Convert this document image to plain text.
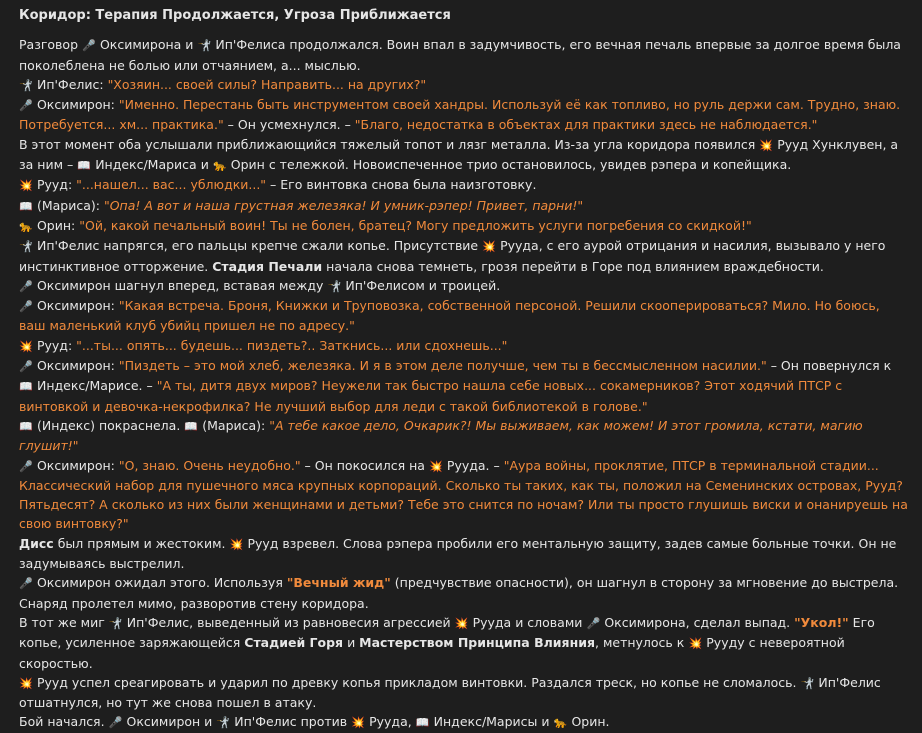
Коридор: Терапия Продолжается, Угроза Приближается

Разговор 🎤 Оксимирона и 🤺 Ип'Фелиса продолжался. Воин впал в задумчивость, его вечная печаль впервые за долгое время была поколеблена не болью или отчаянием, а... мыслью.

🤺 Ип'Фелис: "Хозяин... своей силы? Направить... на других?"

🎤 Оксимирон: "Именно. Перестань быть инструментом своей хандры. Используй её как топливо, но руль держи сам. Трудно, знаю. Потребуется... хм... практика." – Он усмехнулся. – "Благо, недостатка в объектах для практики здесь не наблюдается."

В этот момент оба услышали приближающийся тяжелый топот и лязг металла. Из-за угла коридора появился 💥 Рууд Хунклувен, а за ним – 📖 Индекс/Мариса и 🐆 Орин с тележкой. Новоиспеченное трио остановилось, увидев рэпера и копейщика.

💥 Рууд: "...нашел... вас... ублюдки..." – Его винтовка снова была наизготовку.

📖 (Мариса): "Опа! А вот и наша грустная железяка! И умник-рэпер! Привет, парни!"

🐆 Орин: "Ой, какой печальный воин! Ты не болен, братец? Могу предложить услуги погребения со скидкой!"

🤺 Ип'Фелис напрягся, его пальцы крепче сжали копье. Присутствие 💥 Рууда, с его аурой отрицания и насилия, вызывало у него инстинктивное отторжение. Стадия Печали начала снова темнеть, грозя перейти в Горе под влиянием враждебности.

🎤 Оксимирон шагнул вперед, вставая между 🤺 Ип'Фелисом и троицей.

🎤 Оксимирон: "Какая встреча. Броня, Книжки и Труповозка, собственной персоной. Решили скооперироваться? Мило. Но боюсь, ваш маленький клуб убийц пришел не по адресу."

💥 Рууд: "...ты... опять... будешь... пиздеть?.. Заткнись... или сдохнешь..."

🎤 Оксимирон: "Пиздеть – это мой хлеб, железяка. И я в этом деле получше, чем ты в бессмысленном насилии." – Он повернулся к 📖 Индекс/Марисе. – "А ты, дитя двух миров? Неужели так быстро нашла себе новых... сокамерников? Этот ходячий ПТСР с винтовкой и девочка-некрофилка? Не лучший выбор для леди с такой библиотекой в голове."

📖 (Индекс) покраснела. 📖 (Мариса): "А тебе какое дело, Очкарик?! Мы выживаем, как можем! И этот громила, кстати, магию глушит!"

🎤 Оксимирон: "О, знаю. Очень неудобно." – Он покосился на 💥 Рууда. – "Аура войны, проклятие, ПТСР в терминальной стадии... Классический набор для пушечного мяса крупных корпораций. Сколько ты таких, как ты, положил на Семенинских островах, Рууд? Пятьдесят? А сколько из них были женщинами и детьми? Тебе это снится по ночам? Или ты просто глушишь виски и онанируешь на свою винтовку?"

Дисс был прямым и жестоким. 💥 Рууд взревел. Слова рэпера пробили его ментальную защиту, задев самые больные точки. Он не задумываясь выстрелил.

🎤 Оксимирон ожидал этого. Используя "Вечный жид" (предчувствие опасности), он шагнул в сторону за мгновение до выстрела. Снаряд пролетел мимо, разворотив стену коридора.

В тот же миг 🤺 Ип'Фелис, выведенный из равновесия агрессией 💥 Рууда и словами 🎤 Оксимирона, сделал выпад. "Укол!" Его копье, усиленное заряжающейся Стадией Горя и Мастерством Принципа Влияния, метнулось к 💥 Рууду с невероятной скоростью.

💥 Рууд успел среагировать и ударил по древку копья прикладом винтовки. Раздался треск, но копье не сломалось. 🤺 Ип'Фелис отшатнулся, но тут же снова пошел в атаку.

Бой начался. 🎤 Оксимирон и 🤺 Ип'Фелис против 💥 Рууда, 📖 Индекс/Марисы и 🐆 Орин.
